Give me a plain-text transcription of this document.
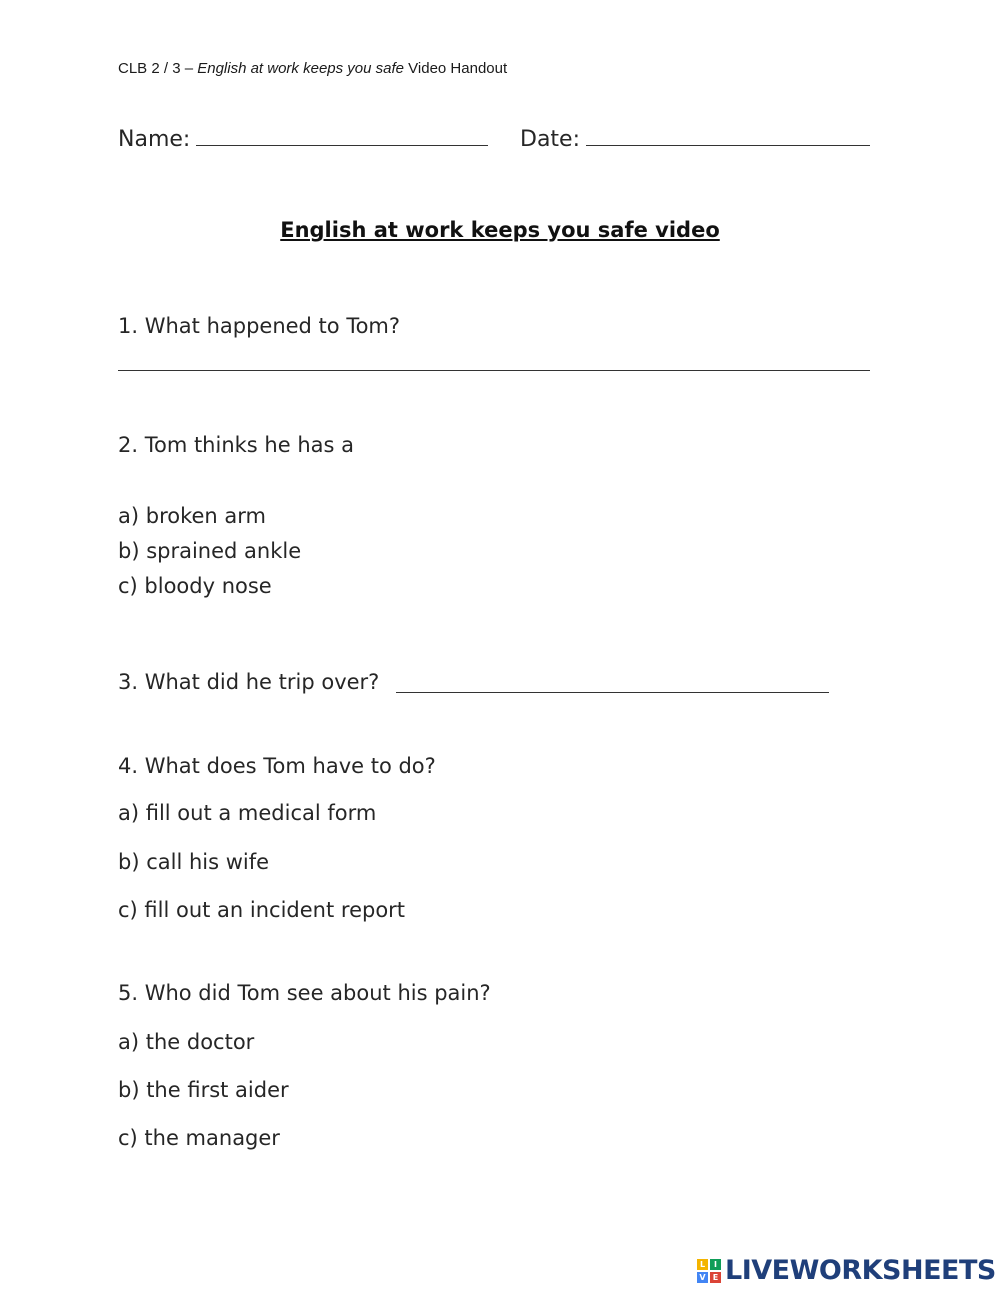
CLB 2 / 3 – English at work keeps you safe Video Handout
Name:	Date:
English at work keeps you safe video
1. What happened to Tom?
2. Tom thinks he has a
a) broken arm
b) sprained ankle
c) bloody nose
3. What did he trip over?
4. What does Tom have to do?
a) fill out a medical form
b) call his wife
c) fill out an incident report
5. Who did Tom see about his pain?
a) the doctor
b) the first aider
c) the manager
L	I
V E LIVEWORKSHEETS
